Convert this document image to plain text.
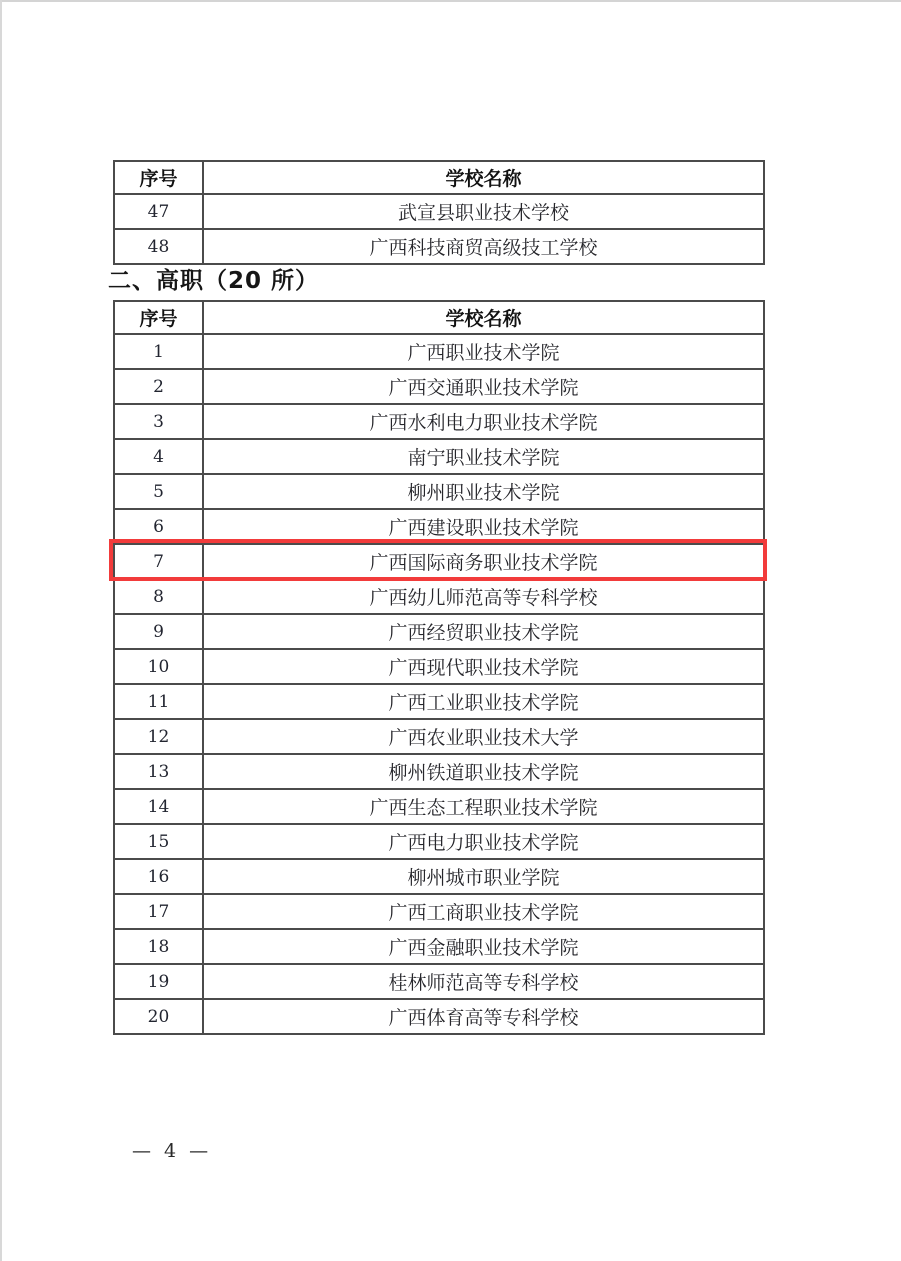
序号	学校名称
47	武宣县职业技术学校
48	广西科技商贸高级技工学校
二、高职（20 所）
序号	学校名称
1	广西职业技术学院
2	广西交通职业技术学院
3	广西水利电力职业技术学院
4	南宁职业技术学院
5	柳州职业技术学院
6	广西建设职业技术学院
7	广西国际商务职业技术学院
8	广西幼儿师范高等专科学校
9	广西经贸职业技术学院
10	广西现代职业技术学院
11	广西工业职业技术学院
12	广西农业职业技术大学
13	柳州铁道职业技术学院
14	广西生态工程职业技术学院
15	广西电力职业技术学院
16	柳州城市职业学院
17	广西工商职业技术学院
18	广西金融职业技术学院
19	桂林师范高等专科学校
20	广西体育高等专科学校
— 4 —
